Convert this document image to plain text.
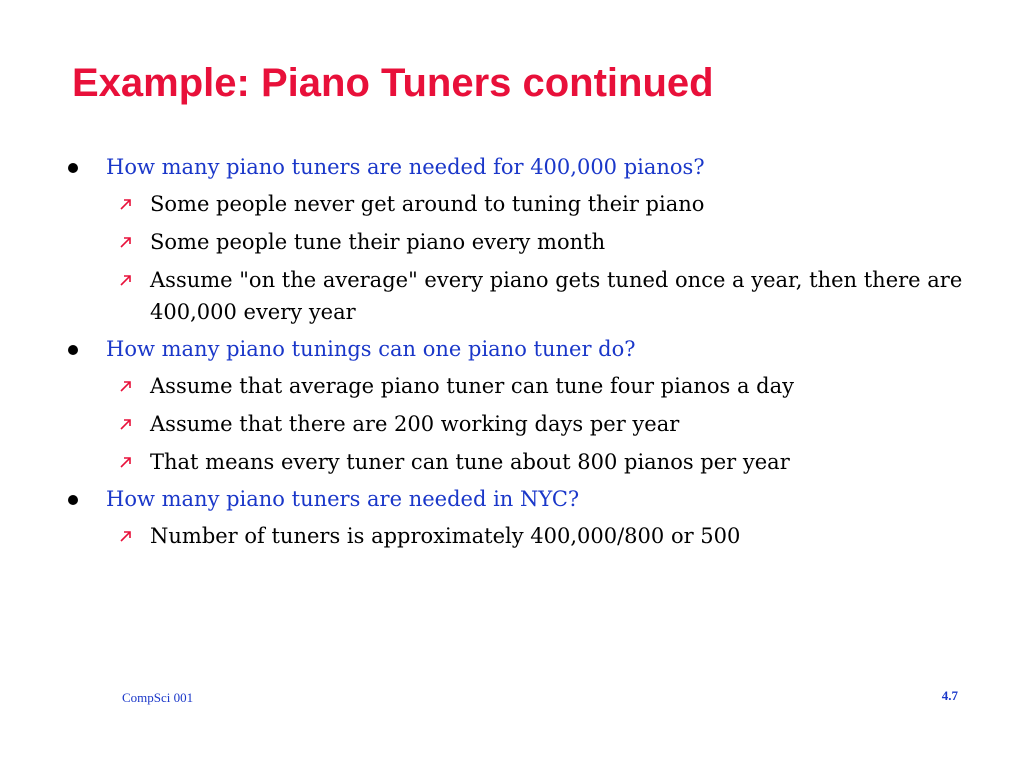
Example: Piano Tuners continued
How many piano tuners are needed for 400,000 pianos?
Some people never get around to tuning their piano
Some people tune their piano every month
Assume "on the average" every piano gets tuned once a year, then there are 400,000 every year
How many piano tunings can one piano tuner do?
Assume that average piano tuner can tune four pianos a day
Assume that there are 200 working days per year
That means every tuner can tune about 800 pianos per year
How many piano tuners are needed in NYC?
Number of tuners is approximately 400,000/800 or 500
CompSci 001	4.7
